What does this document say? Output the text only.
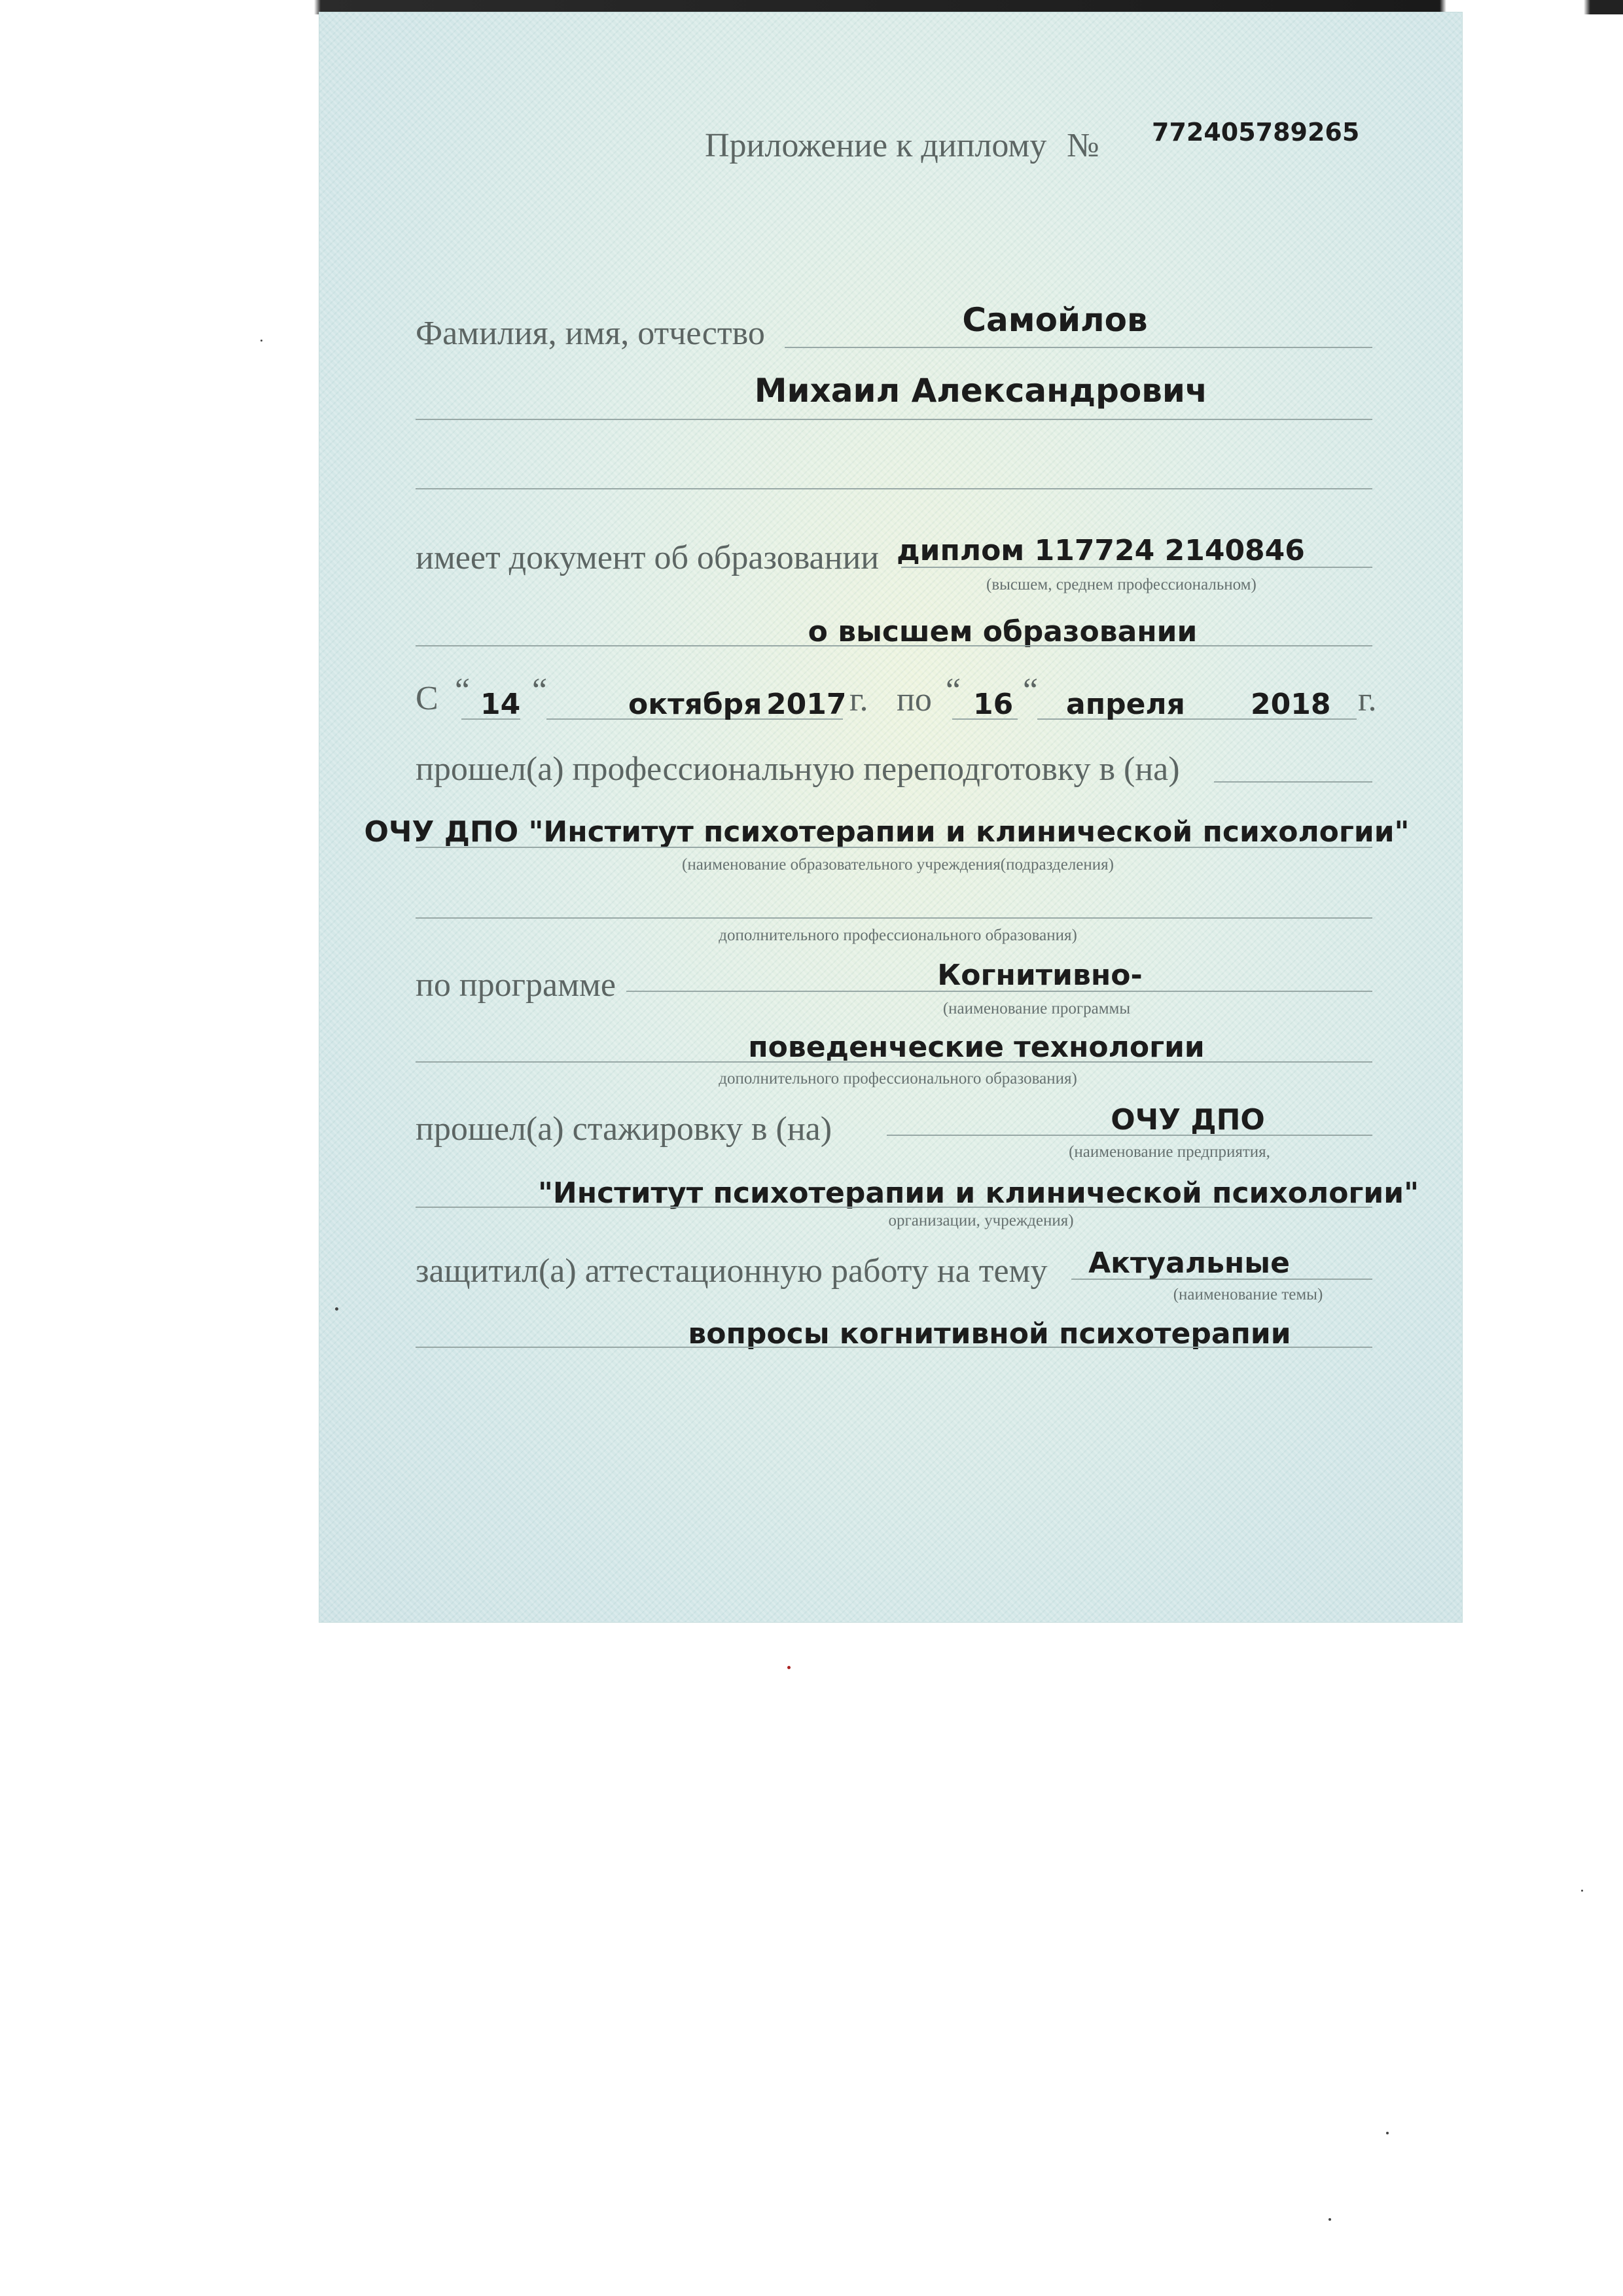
Приложение к диплому № 772405789265
Фамилия, имя, отчество	Самойлов
Михаил Александрович
имеет документ об образовании диплом 117724 2140846
(высшем, среднем профессиональном)
о высшем образовании
С “ 14 “	октября 2017 г. по “ 16 “ апреля 2018 г.
прошел(а) профессиональную переподготовку в (на)
ОЧУ ДПО "Институт психотерапии и клинической психологии"
(наименование образовательного учреждения(подразделения)
дополнительного профессионального образования)
по программе	Когнитивно-
(наименование программы
поведенческие технологии
дополнительного профессионального образования)
прошел(а) стажировку в (на)	ОЧУ ДПО
(наименование предприятия,
"Институт психотерапии и клинической психологии"
организации, учреждения)
защитил(а) аттестационную работу на тему Актуальные
(наименование темы)
вопросы когнитивной психотерапии
